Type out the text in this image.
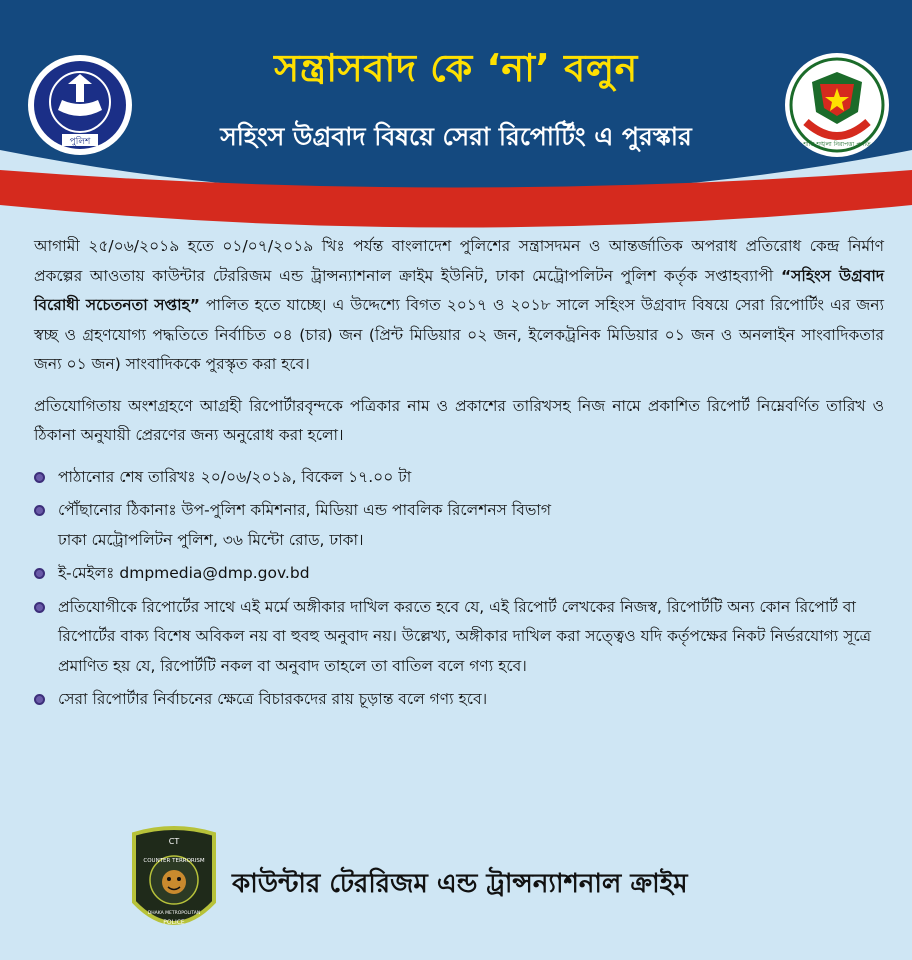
পুলিশ	শান্তি শৃঙ্খলা নিরাপত্তা প্রগতি
সন্ত্রাসবাদ কে ‘না’ বলুন
সহিংস উগ্রবাদ বিষয়ে সেরা রিপোর্টিং এ পুরস্কার

আগামী ২৫/০৬/২০১৯ হতে ০১/০৭/২০১৯ খিঃ পর্যন্ত বাংলাদেশ পুলিশের সন্ত্রাসদমন ও আন্তর্জাতিক অপরাধ প্রতিরোধ কেন্দ্র নির্মাণ প্রকল্পের আওতায় কাউন্টার টেররিজম এন্ড ট্রান্সন্যাশনাল ক্রাইম ইউনিট, ঢাকা মেট্রোপলিটন পুলিশ কর্তৃক সপ্তাহব্যাপী “সহিংস উগ্রবাদ বিরোধী সচেতনতা সপ্তাহ” পালিত হতে যাচ্ছে। এ উদ্দেশ্যে বিগত ২০১৭ ও ২০১৮ সালে সহিংস উগ্রবাদ বিষয়ে সেরা রিপোর্টিং এর জন্য স্বচ্ছ ও গ্রহণযোগ্য পদ্ধতিতে নির্বাচিত ০৪ (চার) জন (প্রিন্ট মিডিয়ার ০২ জন, ইলেকট্রনিক মিডিয়ার ০১ জন ও অনলাইন সাংবাদিকতার জন্য ০১ জন) সাংবাদিককে পুরস্কৃত করা হবে।

প্রতিযোগিতায় অংশগ্রহণে আগ্রহী রিপোর্টারবৃন্দকে পত্রিকার নাম ও প্রকাশের তারিখসহ নিজ নামে প্রকাশিত রিপোর্ট নিম্নেবর্ণিত তারিখ ও ঠিকানা অনুযায়ী প্রেরণের জন্য অনুরোধ করা হলো।

পাঠানোর শেষ তারিখঃ ২০/০৬/২০১৯, বিকেল ১৭.০০ টা
পৌঁছানোর ঠিকানাঃ উপ-পুলিশ কমিশনার, মিডিয়া এন্ড পাবলিক রিলেশনস বিভাগ
ঢাকা মেট্রোপলিটন পুলিশ, ৩৬ মিন্টো রোড, ঢাকা।
ই-মেইলঃ dmpmedia@dmp.gov.bd
প্রতিযোগীকে রিপোর্টের সাথে এই মর্মে অঙ্গীকার দাখিল করতে হবে যে, এই রিপোর্ট লেখকের নিজস্ব, রিপোর্টটি অন্য কোন রিপোর্ট বা রিপোর্টের বাক্য বিশেষ অবিকল নয় বা হুবহু অনুবাদ নয়। উল্লেখ্য, অঙ্গীকার দাখিল করা সত্ত্বেও যদি কর্তৃপক্ষের নিকট নির্ভরযোগ্য সূত্রে প্রমাণিত হয় যে, রিপোর্টটি নকল বা অনুবাদ তাহলে তা বাতিল বলে গণ্য হবে।
সেরা রিপোর্টার নির্বাচনের ক্ষেত্রে বিচারকদের রায় চূড়ান্ত বলে গণ্য হবে।
CT
COUNTER TERRORISM
DHAKA METROPOLITAN
POLICE
কাউন্টার টেররিজম এন্ড ট্রান্সন্যাশনাল ক্রাইম
